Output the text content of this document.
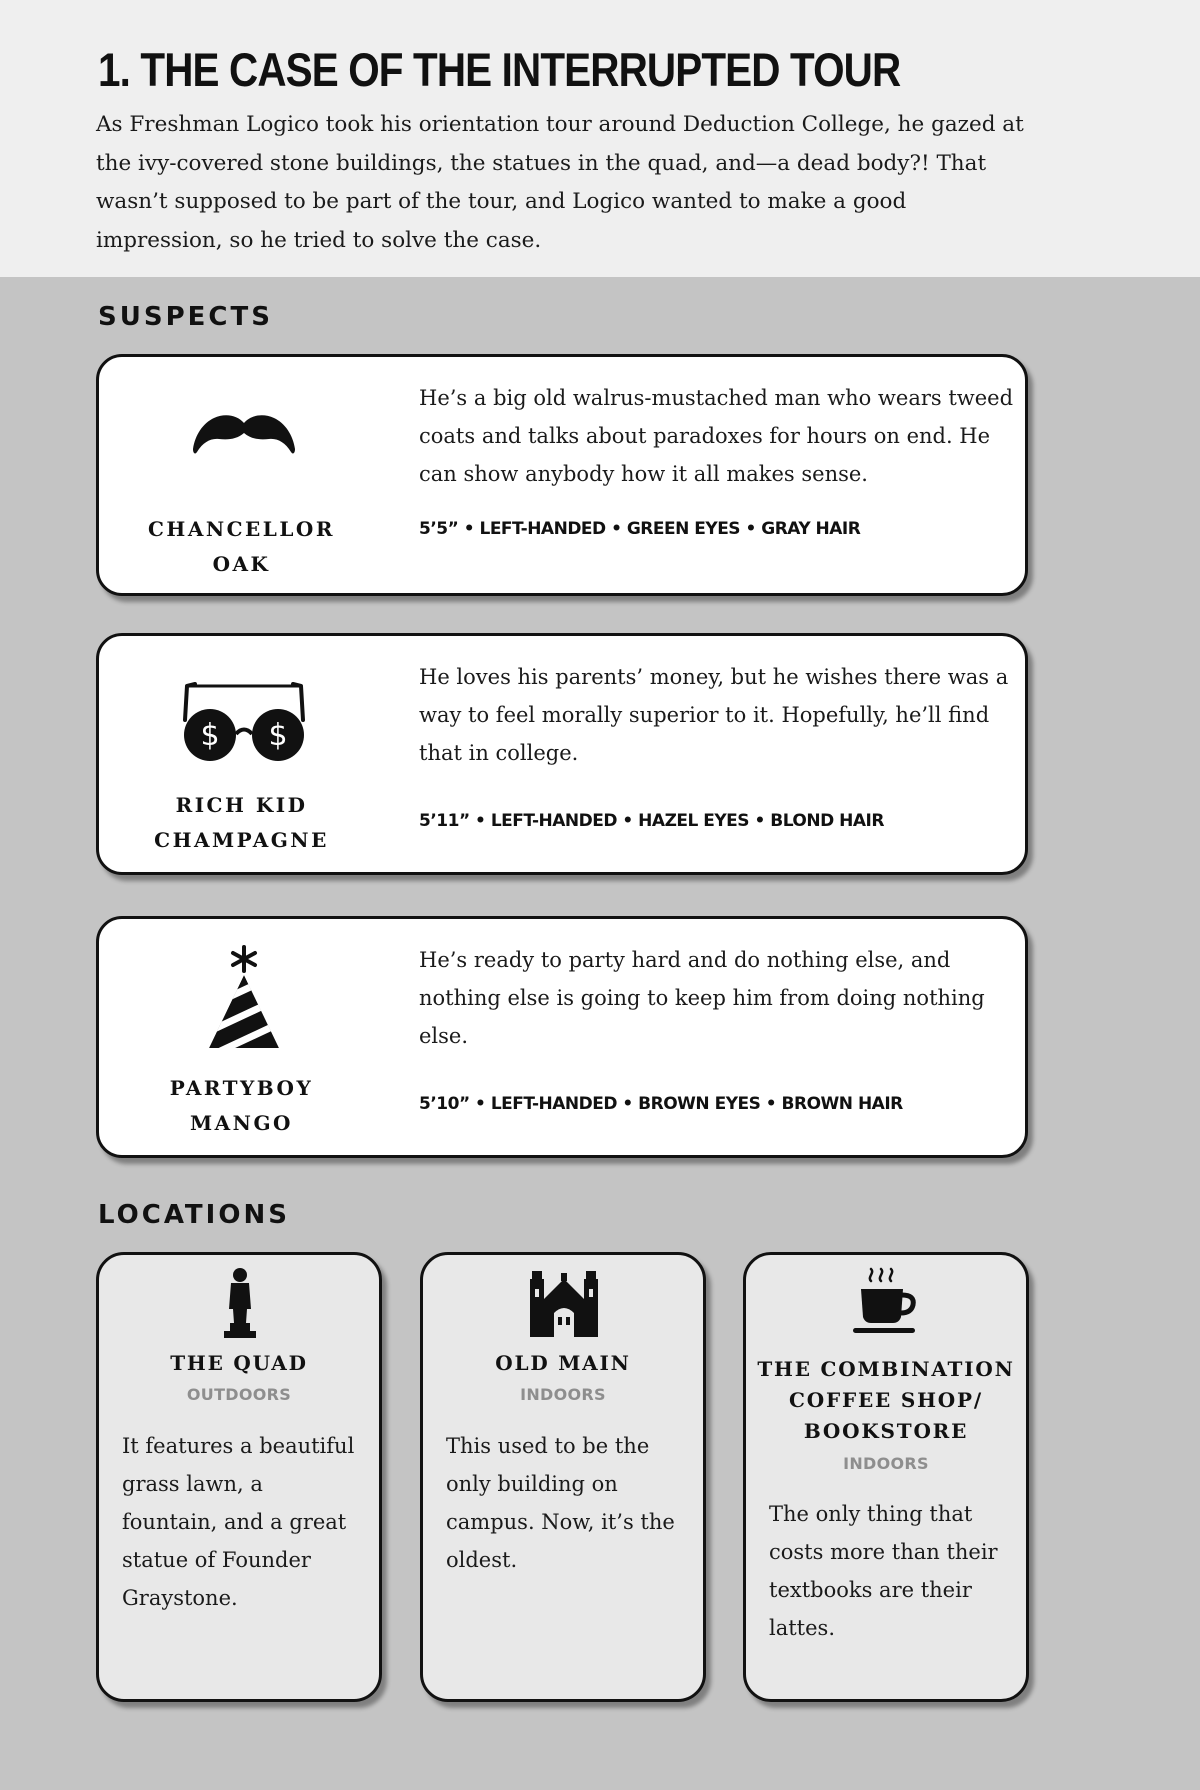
1. THE CASE OF THE INTERRUPTED TOUR

As Freshman Logico took his orientation tour around Deduction College, he gazed at the ivy-covered stone buildings, the statues in the quad, and—a dead body?! That wasn’t supposed to be part of the tour, and Logico wanted to make a good impression, so he tried to solve the case.

SUSPECTS
CHANCELLOR
OAK

He’s a big old walrus-mustached man who wears tweed coats and talks about paradoxes for hours on end. He can show anybody how it all makes sense.

5’5” • LEFT-HANDED • GREEN EYES • GRAY HAIR

$ $
RICH KID
CHAMPAGNE

He loves his parents’ money, but he wishes there was a way to feel morally superior to it. Hopefully, he’ll find that in college.

5’11” • LEFT-HANDED • HAZEL EYES • BLOND HAIR

PARTYBOY
MANGO

He’s ready to party hard and do nothing else, and nothing else is going to keep him from doing nothing else.

5’10” • LEFT-HANDED • BROWN EYES • BROWN HAIR

LOCATIONS

THE QUAD

OUTDOORS

It features a beautiful grass lawn, a fountain, and a great statue of Founder Graystone.

OLD MAIN

INDOORS

This used to be the only building on campus. Now, it’s the oldest.

THE COMBINATION
COFFEE SHOP/
BOOKSTORE

INDOORS

The only thing that costs more than their textbooks are their lattes.
